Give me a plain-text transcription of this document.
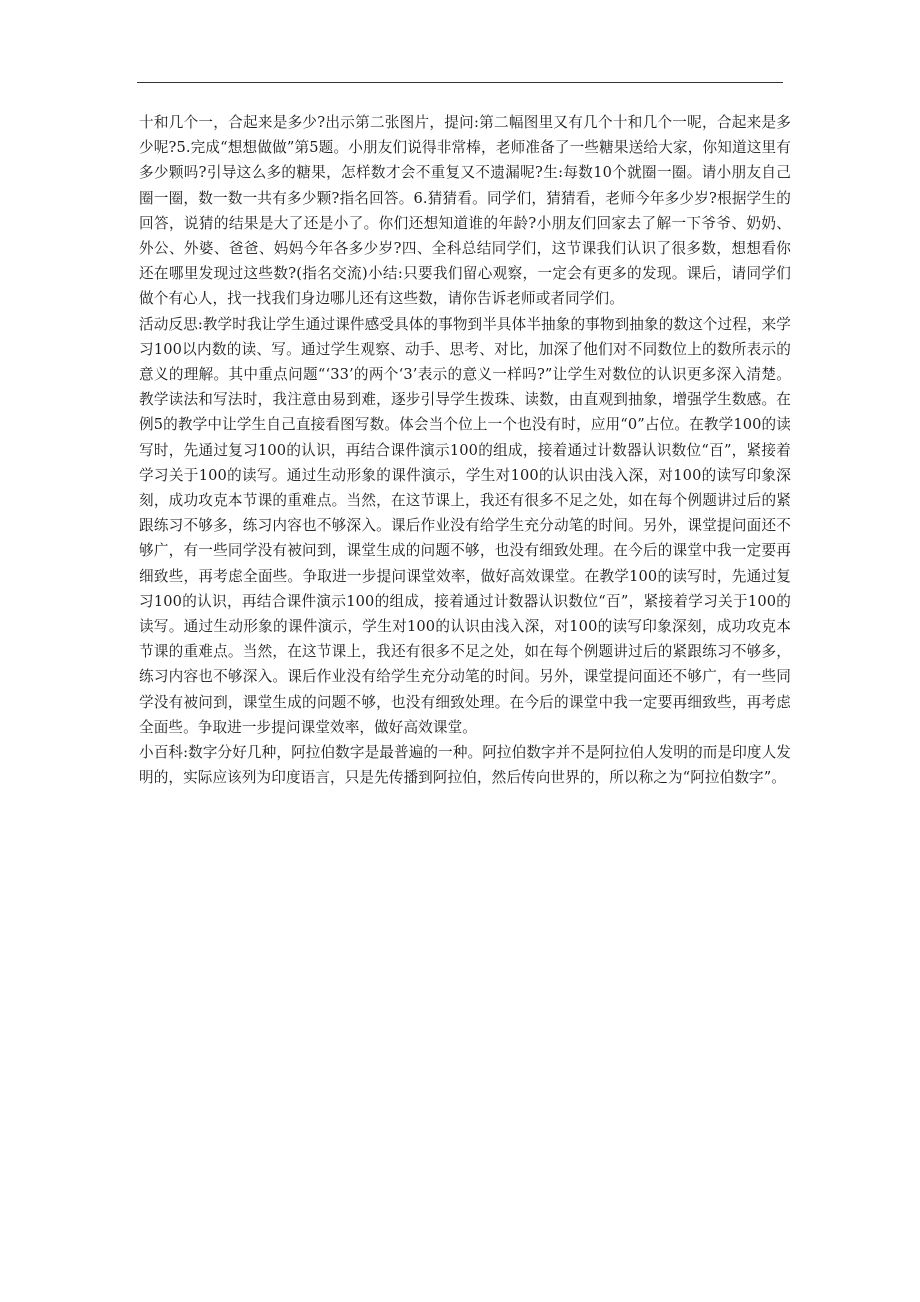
十和几个一，合起来是多少?出示第二张图片，提问:第二幅图里又有几个十和几个一呢，合起来是多少呢?5.完成“想想做做”第5题。小朋友们说得非常棒，老师准备了一些糖果送给大家，你知道这里有多少颗吗?引导这么多的糖果，怎样数才会不重复又不遗漏呢?生:每数10个就圈一圈。请小朋友自己圈一圈，数一数一共有多少颗?指名回答。6.猜猜看。同学们，猜猜看，老师今年多少岁?根据学生的回答，说猜的结果是大了还是小了。你们还想知道谁的年龄?小朋友们回家去了解一下爷爷、奶奶、外公、外婆、爸爸、妈妈今年各多少岁?四、全科总结同学们，这节课我们认识了很多数，想想看你还在哪里发现过这些数?(指名交流)小结:只要我们留心观察，一定会有更多的发现。课后，请同学们做个有心人，找一找我们身边哪儿还有这些数，请你告诉老师或者同学们。

活动反思:教学时我让学生通过课件感受具体的事物到半具体半抽象的事物到抽象的数这个过程，来学习100以内数的读、写。通过学生观察、动手、思考、对比，加深了他们对不同数位上的数所表示的意义的理解。其中重点问题“‘33’的两个‘3’表示的意义一样吗?”让学生对数位的认识更多深入清楚。教学读法和写法时，我注意由易到难，逐步引导学生拨珠、读数，由直观到抽象，增强学生数感。在例5的教学中让学生自己直接看图写数。体会当个位上一个也没有时，应用“0”占位。在教学100的读写时，先通过复习100的认识，再结合课件演示100的组成，接着通过计数器认识数位“百”，紧接着学习关于100的读写。通过生动形象的课件演示，学生对100的认识由浅入深，对100的读写印象深刻，成功攻克本节课的重难点。当然，在这节课上，我还有很多不足之处，如在每个例题讲过后的紧跟练习不够多，练习内容也不够深入。课后作业没有给学生充分动笔的时间。另外，课堂提问面还不够广，有一些同学没有被问到，课堂生成的问题不够，也没有细致处理。在今后的课堂中我一定要再细致些，再考虑全面些。争取进一步提问课堂效率，做好高效课堂。在教学100的读写时，先通过复习100的认识，再结合课件演示100的组成，接着通过计数器认识数位“百”，紧接着学习关于100的读写。通过生动形象的课件演示，学生对100的认识由浅入深，对100的读写印象深刻，成功攻克本节课的重难点。当然，在这节课上，我还有很多不足之处，如在每个例题讲过后的紧跟练习不够多，练习内容也不够深入。课后作业没有给学生充分动笔的时间。另外，课堂提问面还不够广，有一些同学没有被问到，课堂生成的问题不够，也没有细致处理。在今后的课堂中我一定要再细致些，再考虑全面些。争取进一步提问课堂效率，做好高效课堂。

小百科:数字分好几种，阿拉伯数字是最普遍的一种。阿拉伯数字并不是阿拉伯人发明的而是印度人发明的，实际应该列为印度语言，只是先传播到阿拉伯，然后传向世界的，所以称之为“阿拉伯数字”。
